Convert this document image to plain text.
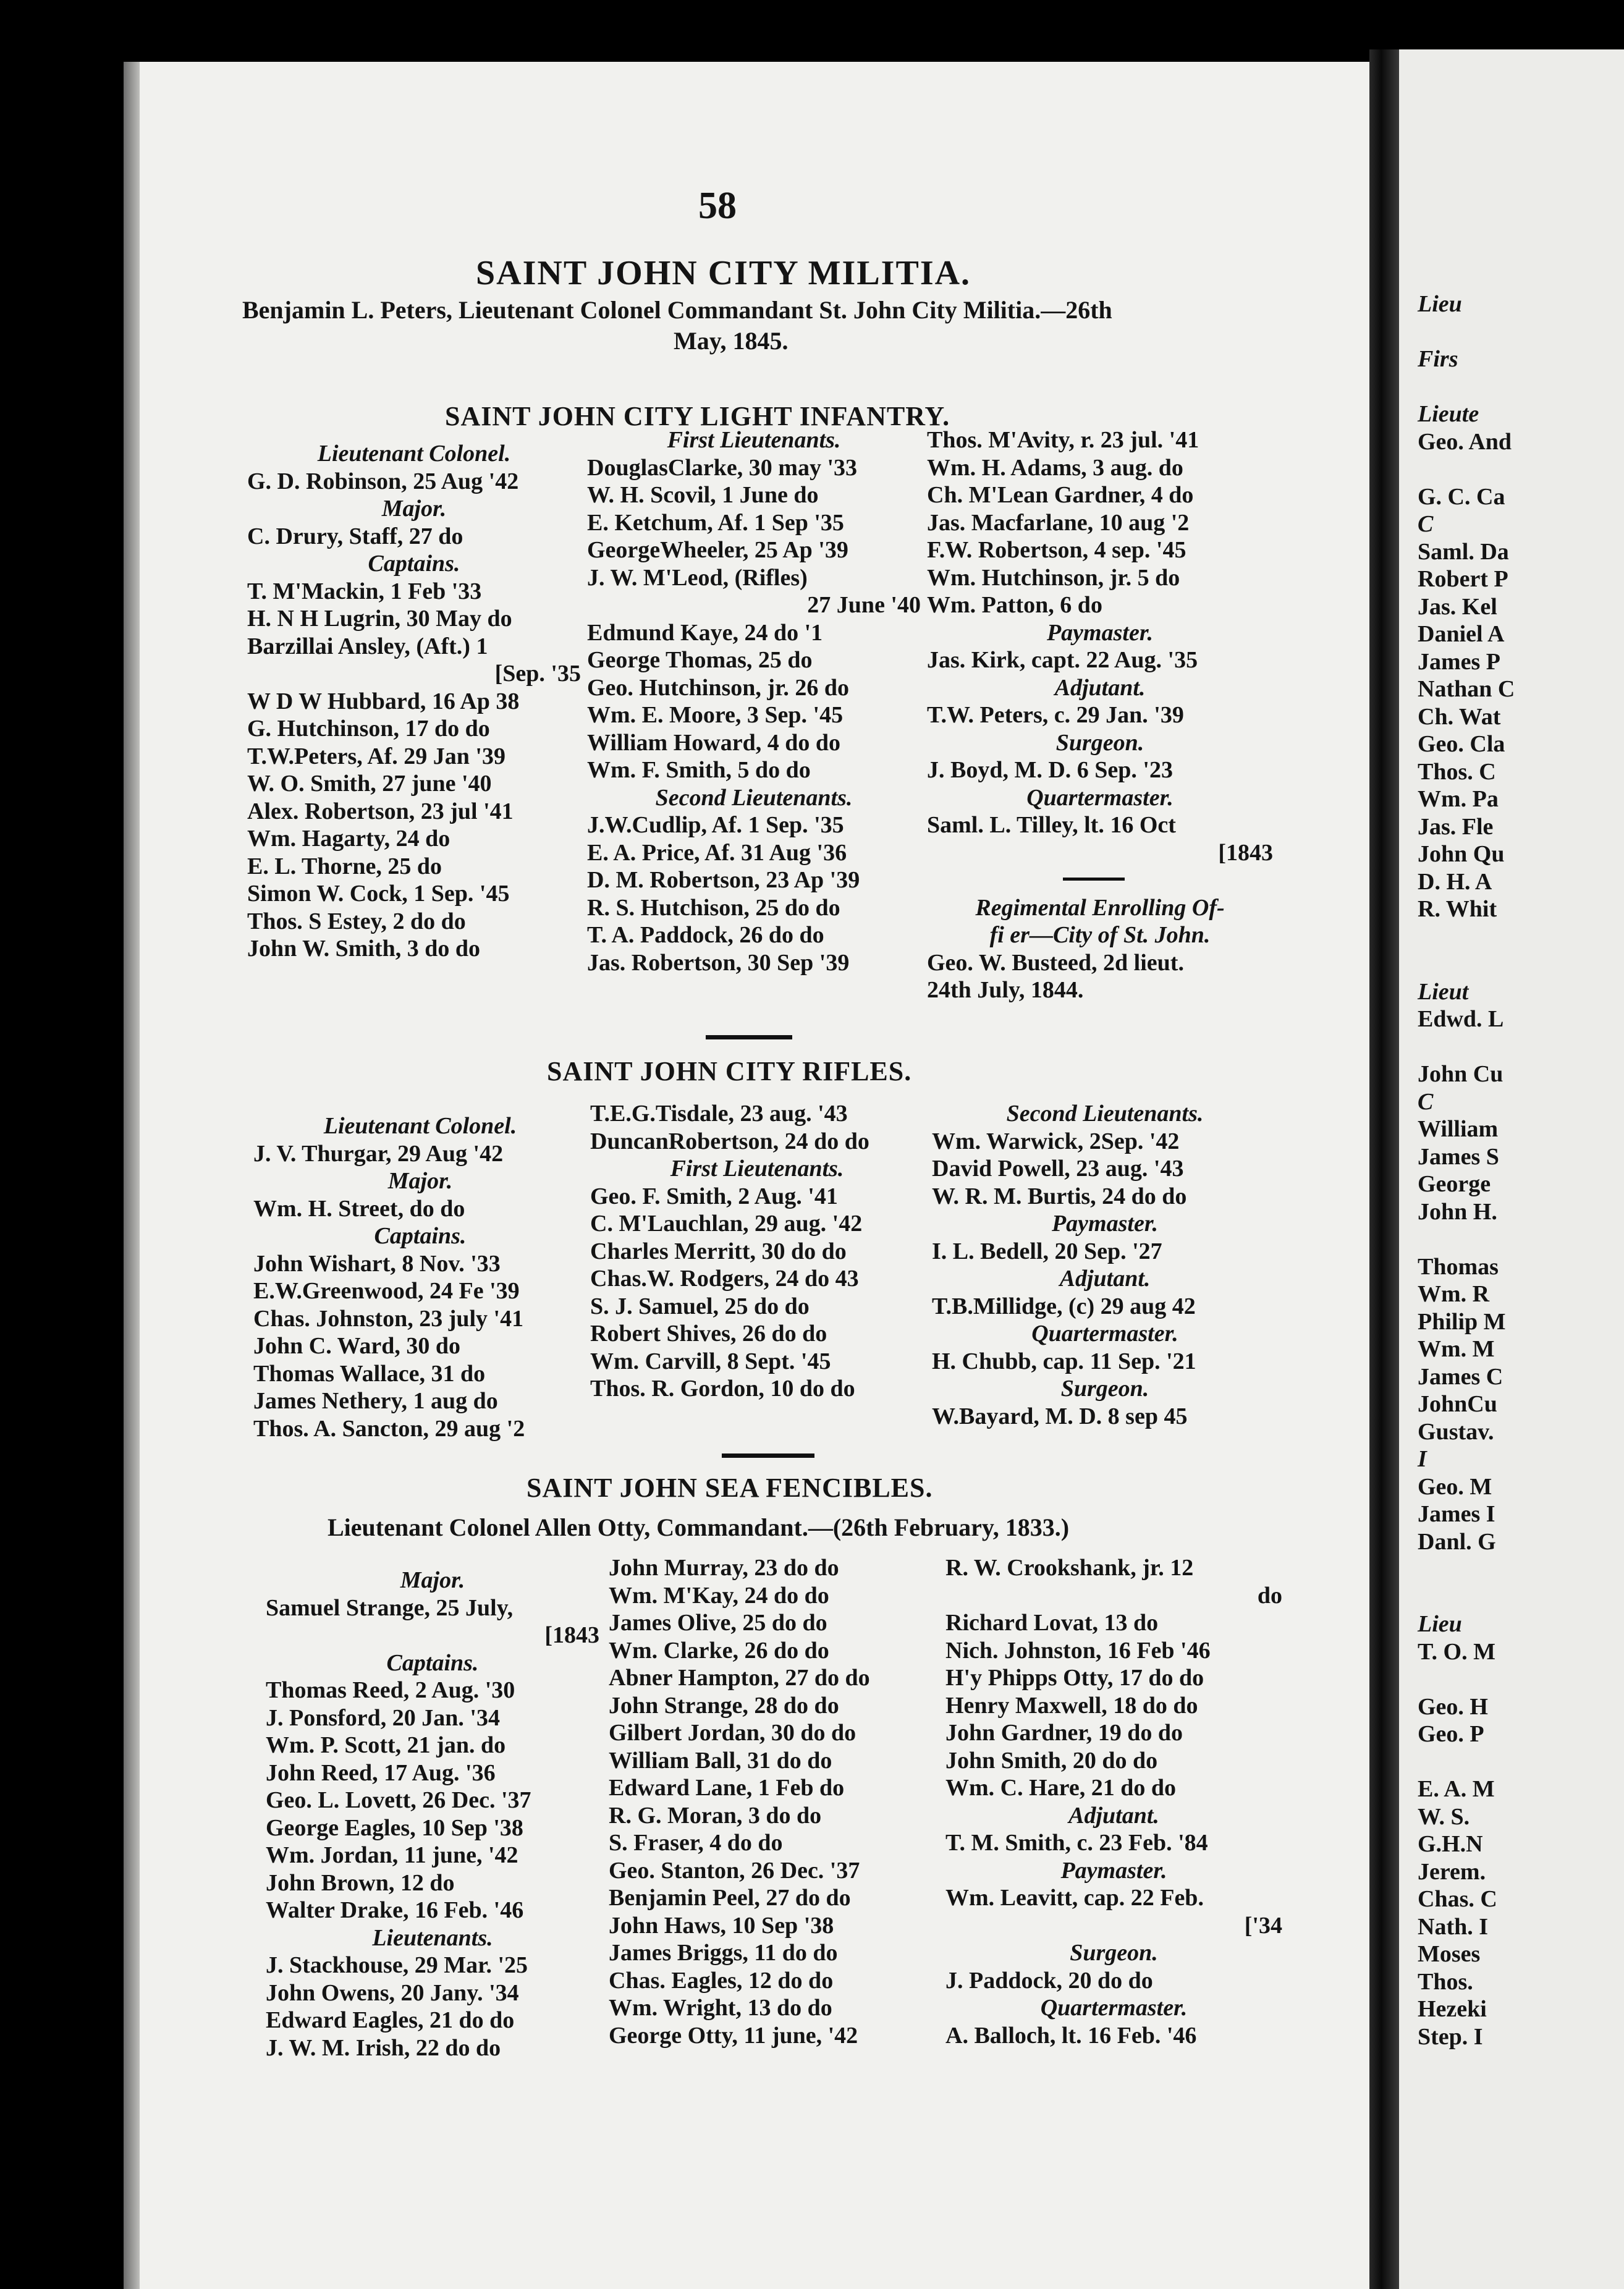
58
SAINT JOHN CITY MILITIA.
Benjamin L. Peters, Lieutenant Colonel Commandant St. John City Militia.—26th
May, 1845.
SAINT JOHN CITY LIGHT INFANTRY.
Lieutenant Colonel.
G. D. Robinson, 25 Aug '42
Major.
C. Drury, Staff, 27 do
Captains.
T. M'Mackin, 1 Feb '33
H. N H Lugrin, 30 May do
Barzillai Ansley, (Aft.) 1
[Sep. '35
W D W Hubbard, 16 Ap 38
G. Hutchinson, 17 do do
T.W.Peters, Af. 29 Jan '39
W. O. Smith, 27 june '40
Alex. Robertson, 23 jul '41
Wm. Hagarty, 24 do
E. L. Thorne, 25 do
Simon W. Cock, 1 Sep. '45
Thos. S Estey, 2 do do
John W. Smith, 3 do do
First Lieutenants.
DouglasClarke, 30 may '33
W. H. Scovil, 1 June do
E. Ketchum, Af. 1 Sep '35
GeorgeWheeler, 25 Ap '39
J. W. M'Leod, (Rifles)
27 June '40
Edmund Kaye, 24 do '1
George Thomas, 25 do
Geo. Hutchinson, jr. 26 do
Wm. E. Moore, 3 Sep. '45
William Howard, 4 do do
Wm. F. Smith, 5 do do
Second Lieutenants.
J.W.Cudlip, Af. 1 Sep. '35
E. A. Price, Af. 31 Aug '36
D. M. Robertson, 23 Ap '39
R. S. Hutchison, 25 do do
T. A. Paddock, 26 do do
Jas. Robertson, 30 Sep '39
Thos. M'Avity, r. 23 jul. '41
Wm. H. Adams, 3 aug. do
Ch. M'Lean Gardner, 4 do
Jas. Macfarlane, 10 aug '2
F.W. Robertson, 4 sep. '45
Wm. Hutchinson, jr. 5 do
Wm. Patton, 6 do
Paymaster.
Jas. Kirk, capt. 22 Aug. '35
Adjutant.
T.W. Peters, c. 29 Jan. '39
Surgeon.
J. Boyd, M. D. 6 Sep. '23
Quartermaster.
Saml. L. Tilley, lt. 16 Oct
[1843
Regimental Enrolling Of-
fi er—City of St. John.
Geo. W. Busteed, 2d lieut.
24th July, 1844.
SAINT JOHN CITY RIFLES.
Lieutenant Colonel.
J. V. Thurgar, 29 Aug '42
Major.
Wm. H. Street, do do
Captains.
John Wishart, 8 Nov. '33
E.W.Greenwood, 24 Fe '39
Chas. Johnston, 23 july '41
John C. Ward, 30 do
Thomas Wallace, 31 do
James Nethery, 1 aug do
Thos. A. Sancton, 29 aug '2
T.E.G.Tisdale, 23 aug. '43
DuncanRobertson, 24 do do
First Lieutenants.
Geo. F. Smith, 2 Aug. '41
C. M'Lauchlan, 29 aug. '42
Charles Merritt, 30 do do
Chas.W. Rodgers, 24 do 43
S. J. Samuel, 25 do do
Robert Shives, 26 do do
Wm. Carvill, 8 Sept. '45
Thos. R. Gordon, 10 do do
Second Lieutenants.
Wm. Warwick, 2Sep. '42
David Powell, 23 aug. '43
W. R. M. Burtis, 24 do do
Paymaster.
I. L. Bedell, 20 Sep. '27
Adjutant.
T.B.Millidge, (c) 29 aug 42
Quartermaster.
H. Chubb, cap. 11 Sep. '21
Surgeon.
W.Bayard, M. D. 8 sep 45
SAINT JOHN SEA FENCIBLES.
Lieutenant Colonel Allen Otty, Commandant.—(26th February, 1833.)
Major.
Samuel Strange, 25 July,
[1843
Captains.
Thomas Reed, 2 Aug. '30
J. Ponsford, 20 Jan. '34
Wm. P. Scott, 21 jan. do
John Reed, 17 Aug. '36
Geo. L. Lovett, 26 Dec. '37
George Eagles, 10 Sep '38
Wm. Jordan, 11 june, '42
John Brown, 12 do
Walter Drake, 16 Feb. '46
Lieutenants.
J. Stackhouse, 29 Mar. '25
John Owens, 20 Jany. '34
Edward Eagles, 21 do do
J. W. M. Irish, 22 do do
John Murray, 23 do do
Wm. M'Kay, 24 do do
James Olive, 25 do do
Wm. Clarke, 26 do do
Abner Hampton, 27 do do
John Strange, 28 do do
Gilbert Jordan, 30 do do
William Ball, 31 do do
Edward Lane, 1 Feb do
R. G. Moran, 3 do do
S. Fraser, 4 do do
Geo. Stanton, 26 Dec. '37
Benjamin Peel, 27 do do
John Haws, 10 Sep '38
James Briggs, 11 do do
Chas. Eagles, 12 do do
Wm. Wright, 13 do do
George Otty, 11 june, '42
R. W. Crookshank, jr. 12
do
Richard Lovat, 13 do
Nich. Johnston, 16 Feb '46
H'y Phipps Otty, 17 do do
Henry Maxwell, 18 do do
John Gardner, 19 do do
John Smith, 20 do do
Wm. C. Hare, 21 do do
Adjutant.
T. M. Smith, c. 23 Feb. '84
Paymaster.
Wm. Leavitt, cap. 22 Feb.
['34
Surgeon.
J. Paddock, 20 do do
Quartermaster.
A. Balloch, lt. 16 Feb. '46
Lieu
Firs
Lieute
Geo. And
G. C. Ca
C
Saml. Da
Robert P
Jas. Kel
Daniel A
James P
Nathan C
Ch. Wat
Geo. Cla
Thos. C
Wm. Pa
Jas. Fle
John Qu
D. H. A
R. Whit
Lieut
Edwd. L
John Cu
C
William
James S
George
John H.
Thomas
Wm. R
Philip M
Wm. M
James C
JohnCu
Gustav.
I
Geo. M
James I
Danl. G
Lieu
T. O. M
Geo. H
Geo. P
E. A. M
W. S.
G.H.N
Jerem.
Chas. C
Nath. I
Moses
Thos.
Hezeki
Step. I
